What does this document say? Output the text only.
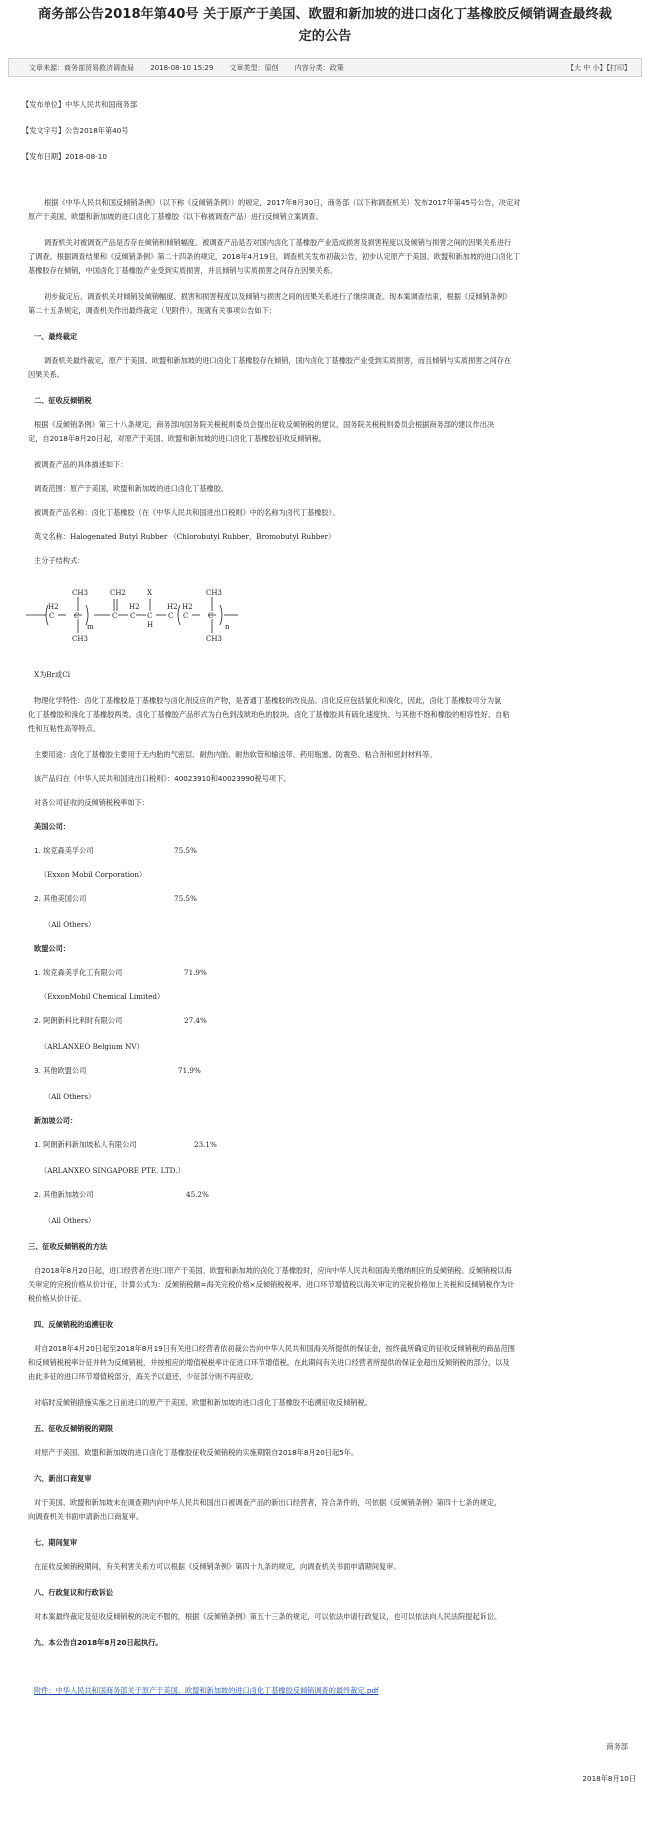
商务部公告2018年第40号 关于原产于美国、欧盟和新加坡的进口卤化丁基橡胶反倾销调查最终裁
定的公告
文章来源：商务部贸易救济调查局 2018-08-10 15:29 文章类型：原创 内容分类：政策	【大 中 小】【打印】
【发布单位】中华人民共和国商务部
【发文字号】公告2018年第40号
【发布日期】2018-08-10
根据《中华人民共和国反倾销条例》（以下称《反倾销条例》）的规定，2017年8月30日，商务部（以下称调查机关）发布2017年第45号公告，决定对
原产于美国、欧盟和新加坡的进口卤化丁基橡胶（以下称被调查产品）进行反倾销立案调查。
调查机关对被调查产品是否存在倾销和倾销幅度、被调查产品是否对国内卤化丁基橡胶产业造成损害及损害程度以及倾销与损害之间的因果关系进行
了调查。根据调查结果和《反倾销条例》第二十四条的规定，2018年4月19日，调查机关发布初裁公告，初步认定原产于美国、欧盟和新加坡的进口卤化丁
基橡胶存在倾销，中国卤化丁基橡胶产业受到实质损害，并且倾销与实质损害之间存在因果关系。
初步裁定后，调查机关对倾销及倾销幅度、损害和损害程度以及倾销与损害之间的因果关系进行了继续调查。现本案调查结束，根据《反倾销条例》
第二十五条规定，调查机关作出最终裁定（见附件）。现就有关事项公告如下：
一、最终裁定
调查机关最终裁定，原产于美国、欧盟和新加坡的进口卤化丁基橡胶存在倾销，国内卤化丁基橡胶产业受到实质损害，而且倾销与实质损害之间存在
因果关系。
二、征收反倾销税
根据《反倾销条例》第三十八条规定，商务部向国务院关税税则委员会提出征收反倾销税的建议，国务院关税税则委员会根据商务部的建议作出决
定，自2018年8月20日起，对原产于美国、欧盟和新加坡的进口卤化丁基橡胶征收反倾销税。
被调查产品的具体描述如下：
调查范围：原产于美国、欧盟和新加坡的进口卤化丁基橡胶。
被调查产品名称：卤化丁基橡胶（在《中华人民共和国进出口税则》中的名称为卤代丁基橡胶）。
英文名称：Halogenated Butyl Rubber （Chlorobutyl Rubber，Bromobutyl Rubber）
主分子结构式：
H2
C	C
CH3
CH3
m
CH2
C
H2
C
X
C
H
H2
C
H2
C	C
CH3
CH3
n
X为Br或Cl
物理化学特性：卤化丁基橡胶是丁基橡胶与卤化剂反应的产物，是普通丁基橡胶的改良品。卤化反应包括氯化和溴化，因此，卤化丁基橡胶可分为氯
化丁基橡胶和溴化丁基橡胶两类。卤化丁基橡胶产品形式为白色到浅琥珀色的胶块。卤化丁基橡胶具有硫化速度快、与其他不饱和橡胶的相容性好、自粘
性和互粘性高等特点。
主要用途：卤化丁基橡胶主要用于无内胎的气密层、耐热内胎、耐热软管和输送带、药用瓶塞、防震垫、粘合剂和密封材料等。
该产品归在《中华人民共和国进出口税则》：40023910和40023990税号项下。
对各公司征收的反倾销税税率如下：
美国公司：
1. 埃克森美孚公司	75.5%
（Exxon Mobil Corporation）
2. 其他美国公司	75.5%
（All Others）
欧盟公司：
1. 埃克森美孚化工有限公司	71.9%
（ExxonMobil Chemical Limited）
2. 阿朗新科比利时有限公司	27.4%
（ARLANXEO Belgium NV）
3. 其他欧盟公司	71.9%
（All Others）
新加坡公司：
1. 阿朗新科新加坡私人有限公司	23.1%
（ARLANXEO SINGAPORE PTE. LTD.）
2. 其他新加坡公司	45.2%
（All Others）
三、征收反倾销税的方法
自2018年8月20日起，进口经营者在进口原产于美国、欧盟和新加坡的卤化丁基橡胶时，应向中华人民共和国海关缴纳相应的反倾销税。反倾销税以海
关审定的完税价格从价计征，计算公式为：反倾销税额=海关完税价格×反倾销税税率。进口环节增值税以海关审定的完税价格加上关税和反倾销税作为计
税价格从价计征。
四、反倾销税的追溯征收
对自2018年4月20日起至2018年8月19日有关进口经营者依初裁公告向中华人民共和国海关所提供的保证金，按终裁所确定的征收反倾销税的商品范围
和反倾销税税率计征并转为反倾销税，并按相应的增值税税率计征进口环节增值税。在此期间有关进口经营者所提供的保证金超出反倾销税的部分，以及
由此多征的进口环节增值税部分，海关予以退还，少征部分则不再征收。
对临时反倾销措施实施之日前进口的原产于美国、欧盟和新加坡的进口卤化丁基橡胶不追溯征收反倾销税。
五、征收反倾销税的期限
对原产于美国、欧盟和新加坡的进口卤化丁基橡胶征收反倾销税的实施期限自2018年8月20日起5年。
六、新出口商复审
对于美国、欧盟和新加坡未在调查期内向中华人民共和国出口被调查产品的新出口经营者，符合条件的，可依据《反倾销条例》第四十七条的规定，
向调查机关书面申请新出口商复审。
七、期间复审
在征收反倾销税期间，有关利害关系方可以根据《反倾销条例》第四十九条的规定，向调查机关书面申请期间复审。
八、行政复议和行政诉讼
对本案最终裁定及征收反倾销税的决定不服的，根据《反倾销条例》第五十三条的规定，可以依法申请行政复议，也可以依法向人民法院提起诉讼。
九、本公告自2018年8月20日起执行。
附件：中华人民共和国商务部关于原产于美国、欧盟和新加坡的进口卤化丁基橡胶反倾销调查的最终裁定.pdf
商务部
2018年8月10日
